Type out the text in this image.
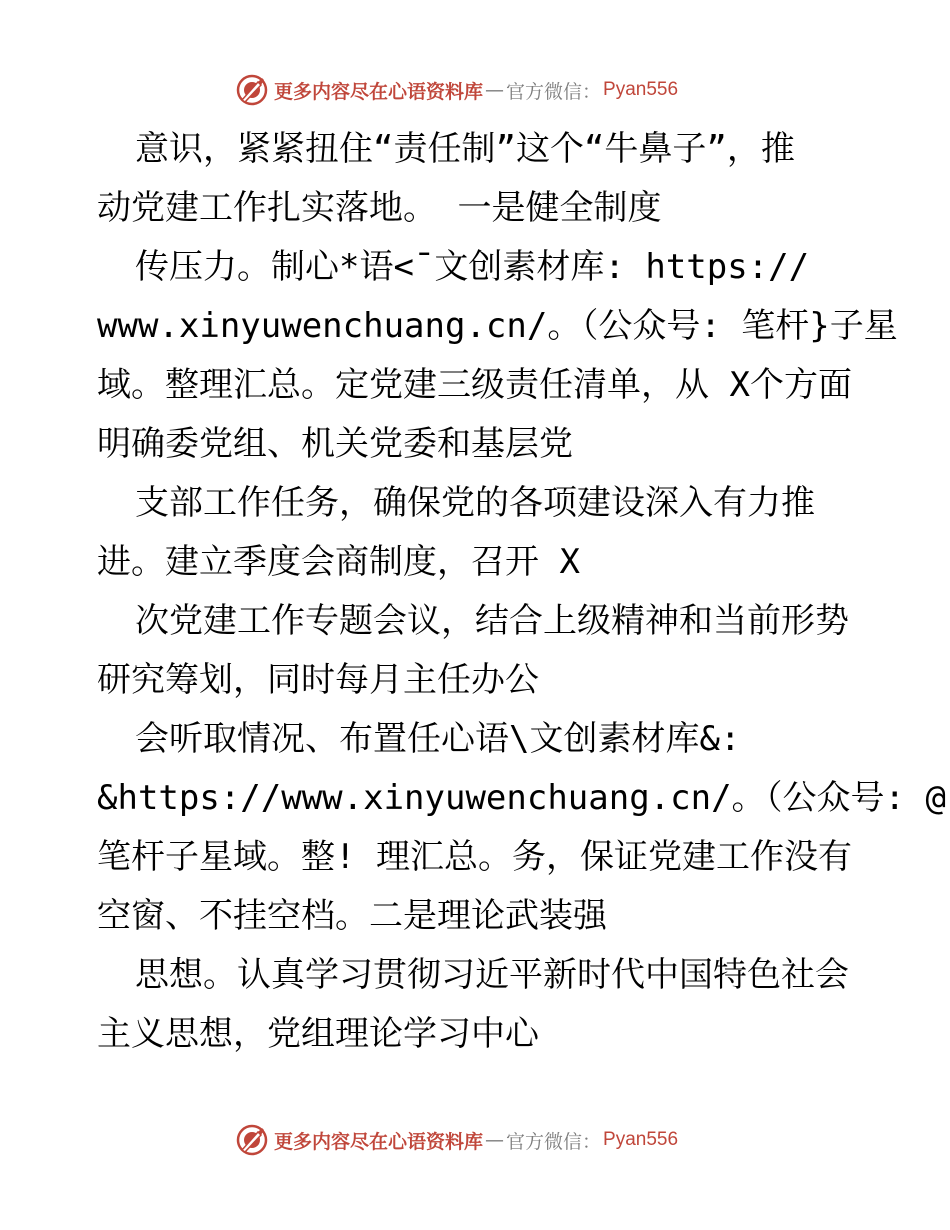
更多内容尽在心语资料库 — 官方微信： Pyan556

意识，紧紧扭住“责任制”这个“牛鼻子”，推

动党建工作扎实落地。 一是健全制度

传压力。制心*语<¯文创素材库: https://

www.xinyuwenchuang.cn/。（公众号: 笔杆}子星

域。整理汇总。定党建三级责任清单，从 X个方面

明确委党组、机关党委和基层党

支部工作任务，确保党的各项建设深入有力推

进。建立季度会商制度，召开 X

次党建工作专题会议，结合上级精神和当前形势

研究筹划，同时每月主任办公

会听取情况、布置任心语\文创素材库&:

&https://www.xinyuwenchuang.cn/。（公众号: @

笔杆子星域。整! 理汇总。务，保证党建工作没有

空窗、不挂空档。二是理论武装强

思想。认真学习贯彻习近平新时代中国特色社会

主义思想，党组理论学习中心

更多内容尽在心语资料库 — 官方微信： Pyan556
